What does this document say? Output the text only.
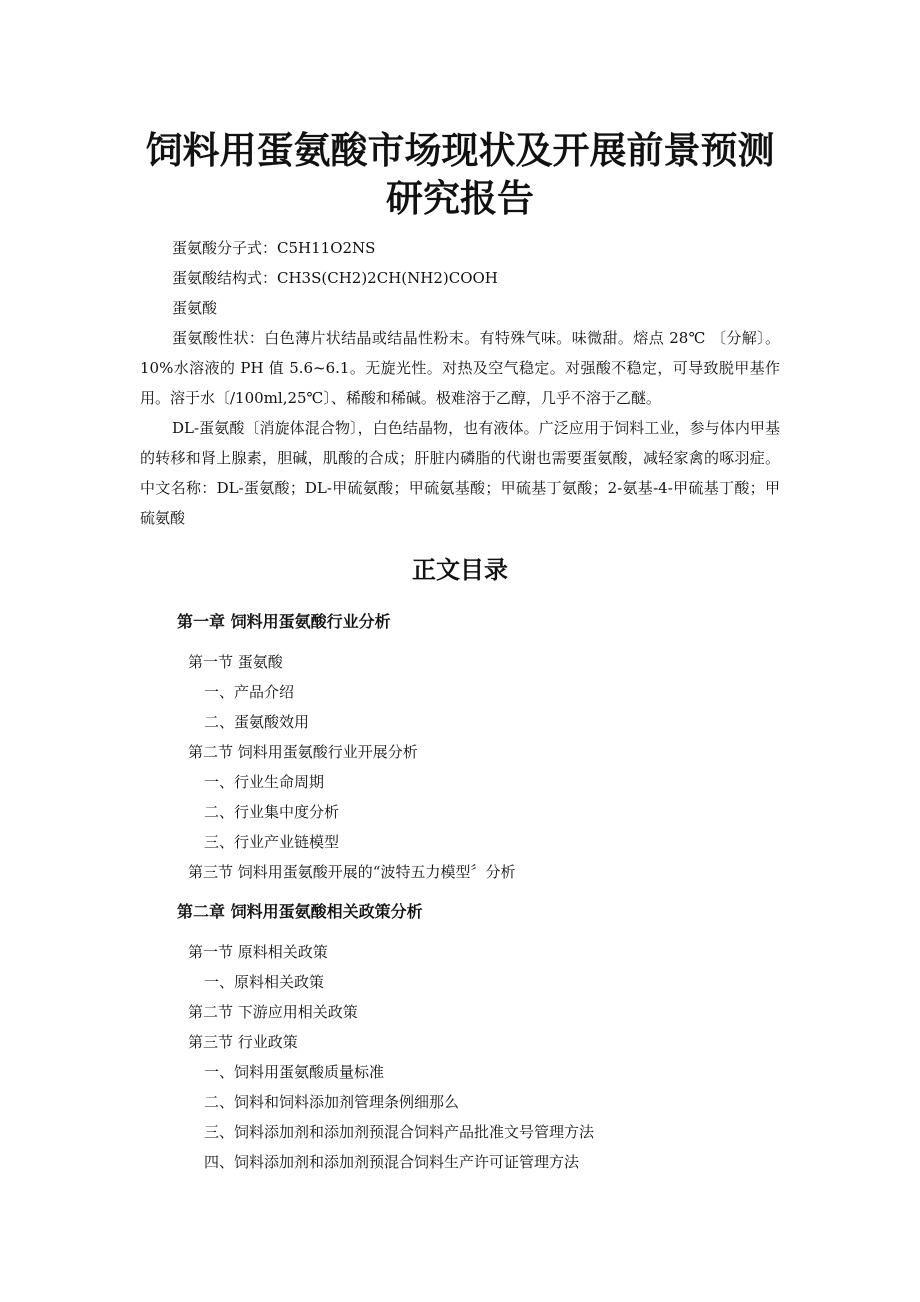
饲料用蛋氨酸市场现状及开展前景预测
研究报告

蛋氨酸分子式：C5H11O2NS

蛋氨酸结构式：CH3S(CH2)2CH(NH2)COOH

蛋氨酸

蛋氨酸性状：白色薄片状结晶或结晶性粉末。有特殊气味。味微甜。熔点 28℃ 〔分解〕。10%水溶液的 PH 值 5.6~6.1。无旋光性。对热及空气稳定。对强酸不稳定，可导致脱甲基作用。溶于水〔/100ml,25℃〕、稀酸和稀碱。极难溶于乙醇，几乎不溶于乙醚。

DL-蛋氨酸〔消旋体混合物〕，白色结晶物，也有液体。广泛应用于饲料工业，参与体内甲基的转移和肾上腺素，胆碱，肌酸的合成；肝脏内磷脂的代谢也需要蛋氨酸，减轻家禽的啄羽症。中文名称：DL-蛋氨酸；DL-甲硫氨酸；甲硫氨基酸；甲硫基丁氨酸；2-氨基-4-甲硫基丁酸；甲硫氨酸

正文目录

第一章 饲料用蛋氨酸行业分析

第一节 蛋氨酸

一、产品介绍

二、蛋氨酸效用

第二节 饲料用蛋氨酸行业开展分析

一、行业生命周期

二、行业集中度分析

三、行业产业链模型

第三节 饲料用蛋氨酸开展的“波特五力模型〞分析

第二章 饲料用蛋氨酸相关政策分析

第一节 原料相关政策

一、原料相关政策

第二节 下游应用相关政策

第三节 行业政策

一、饲料用蛋氨酸质量标准

二、饲料和饲料添加剂管理条例细那么

三、饲料添加剂和添加剂预混合饲料产品批准文号管理方法

四、饲料添加剂和添加剂预混合饲料生产许可证管理方法
